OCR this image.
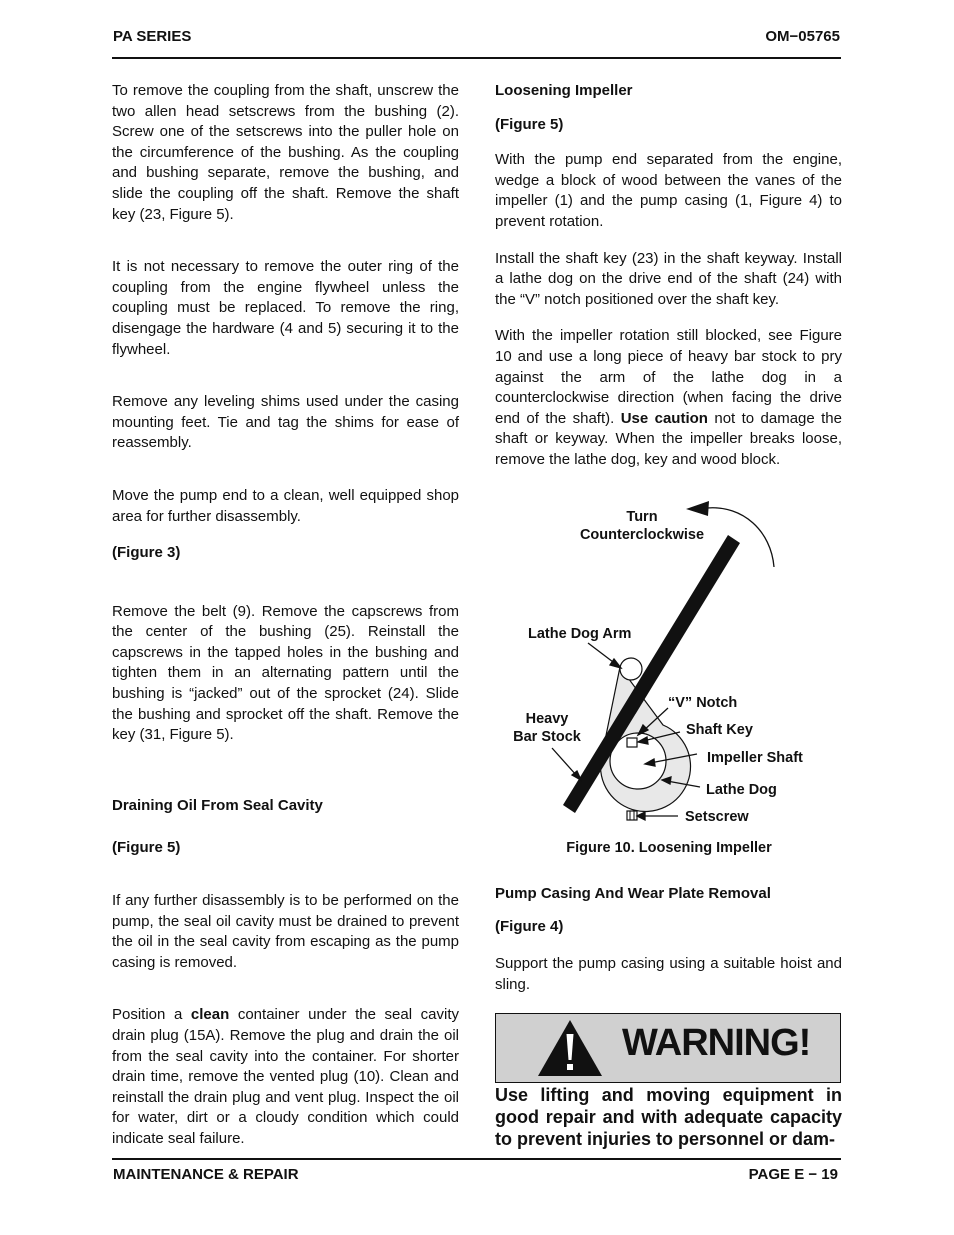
PA SERIES	OM−05765

To remove the coupling from the shaft, unscrew the two allen head setscrews from the bushing (2). Screw one of the setscrews into the puller hole on the circumference of the bushing. As the coupling and bushing separate, remove the bushing, and slide the coupling off the shaft. Remove the shaft key (23, Figure 5).

It is not necessary to remove the outer ring of the coupling from the engine flywheel unless the coupling must be replaced. To remove the ring, disengage the hardware (4 and 5) securing it to the flywheel.

Remove any leveling shims used under the casing mounting feet. Tie and tag the shims for ease of reassembly.

Move the pump end to a clean, well equipped shop area for further disassembly.

(Figure 3)

Remove the belt (9). Remove the capscrews from the center of the bushing (25). Reinstall the capscrews in the tapped holes in the bushing and tighten them in an alternating pattern until the bushing is “jacked” out of the sprocket (24). Slide the bushing and sprocket off the shaft. Remove the key (31, Figure 5).

Draining Oil From Seal Cavity

(Figure 5)

If any further disassembly is to be performed on the pump, the seal oil cavity must be drained to prevent the oil in the seal cavity from escaping as the pump casing is removed.

Position a clean container under the seal cavity drain plug (15A). Remove the plug and drain the oil from the seal cavity into the container. For shorter drain time, remove the vented plug (10). Clean and reinstall the drain plug and vent plug. Inspect the oil for water, dirt or a cloudy condition which could indicate seal failure.

Loosening Impeller

(Figure 5)

With the pump end separated from the engine, wedge a block of wood between the vanes of the impeller (1) and the pump casing (1, Figure 4) to prevent rotation.

Install the shaft key (23) in the shaft keyway. Install a lathe dog on the drive end of the shaft (24) with the “V” notch positioned over the shaft key.

With the impeller rotation still blocked, see Figure 10 and use a long piece of heavy bar stock to pry against the arm of the lathe dog in a counterclockwise direction (when facing the drive end of the shaft). Use caution not to damage the shaft or keyway. When the impeller breaks loose, remove the lathe dog, key and wood block.

Turn
Counterclockwise
Lathe Dog Arm
“V” Notch
Heavy
Bar Stock	Shaft Key
Impeller Shaft
Lathe Dog
Setscrew
Figure 10. Loosening Impeller

Pump Casing And Wear Plate Removal

(Figure 4)

Support the pump casing using a suitable hoist and sling.

WARNING!
Use lifting and moving equipment in good repair and with adequate capacity to prevent injuries to personnel or dam-
MAINTENANCE & REPAIR	PAGE E − 19
